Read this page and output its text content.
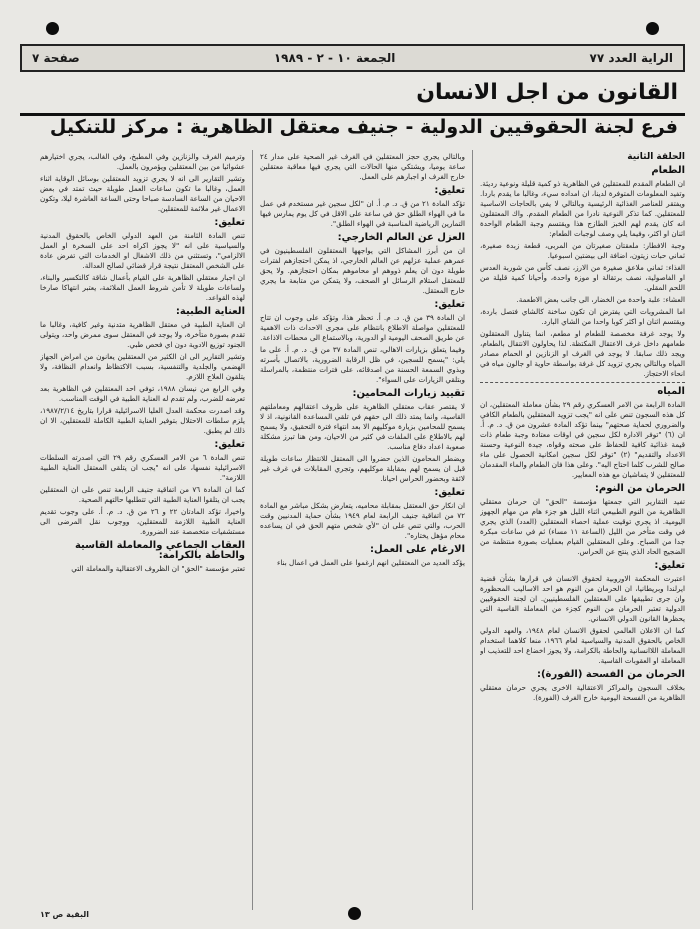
الراية العدد ٧٧
الجمعة ١٠ - ٢ - ١٩٨٩
صفحة ٧
القانون من اجل الانسان
فرع لجنة الحقوقيين الدولية - جنيف معتقل الظاهرية : مركز للتنكيل
الحلقة الثانية
الطعام

ان الطعام المقدم للمعتقلين في الظاهرية ذو كمية قليلة ونوعية رديئة. وتفيد المعلومات المتوفرة لدينا، ان امداده سيء، وغالبا ما يقدم باردا. ويفتقر للعناصر الغذائية الرئيسية وبالتالي لا يفي بالحاجات الاساسية للمعتقلين. كما تذكر النوعية نادرا من الطعام المقدم. واك المعتقلون انه كان يقدم لهم الخبز الطازج هذا ويقتسم وجبة الطعام الواحدة اثنان او اكثر، وفيما يلي وصف لوجبات الطعام:

وجبة الافطار: ملعقتان صغيرتان من المربى، قطعة زبدة صغيرة، ثماني حبات زيتون، اضافة الى بيضتين اسبوعيا.

الغذاء: ثماني ملاعق صغيرة من الارز، نصف كأس من شوربة العدس او الفاصولية، نصف برتقالة او موزة واحدة، وأحيانا كمية قليلة من اللحم المقلي.

العشاء: علبة واحدة من الخضار، الى جانب بعض الاطعمة.

اما المشروبات التي يفترض ان تكون ساخنة كالشاي فتصل باردة، ويقتسم اثنان او اكثر كوبا واحدا من الشاي البارد.

ولا يوجد غرفة مخصصة للطعام او مطعم، انما يتناول المعتقلون طعامهم داخل غرف الاعتقال المكتظة. لذا يحاولون الانتقال بالطعام، ويجد ذلك سابقا. لا يوجد في الغرف او الزنازين او الحمام مصادر المياه وبالتالي يجري تزويد كل غرفة بواسطة حاوية او جالون مياه في انحاء الاحتجاز.

المياه

المادة الرابعة من الامر العسكري رقم ٢٩ بشأن معاملة المعتقلين، ان كل هذه السجون تنص على انه "يجب تزويد المعتقلين بالطعام الكافي والضروري لحماية صحتهم" بينما تؤكد المادة عشرون من ق. د. م. أ. ان (٦) "توفر الادارة لكل سجين في اوقات معتادة وجبة طعام ذات قيمة غذائية كافية للحفاظ على صحته وقواه، جيدة النوعية وحسنة الاعداد والتقديم" (٢) "توفر لكل سجين امكانية الحصول على ماء صالح للشرب كلما احتاج اليه". وعلى هذا فان الطعام والماء المقدمان للمعتقلين لا يتماشيان مع هذه المعايير.

الحرمان من النوم:

تفيد التقارير التي جمعتها مؤسسة "الحق" ان حرمان معتقلي الظاهرية من النوم الطبيعي اثناء الليل هو جزء هام من مهام الجهوز اليومية. اذ يجري توقيت عملية احصاء المعتقلين (العدد) الذي يجري في وقت متأخر من الليل (الساعة ١١ مساء) ثم في ساعات مبكرة جدا من الصباح. وعلى المعتقلين القيام بعمليات بصورة منتظمة من الضجيج الحاد الذي ينتج عن الحراس.

تعليق:

اعتبرت المحكمة الاوروبية لحقوق الانسان في قرارها بشأن قضية ايرلندا وبريطانيا، ان الحرمان من النوم هو احد الاساليب المحظورة وان جرى تطبيقها على المعتقلين الفلسطينيين. ان لجنة الحقوقيين الدولية تعتبر الحرمان من النوم كجزء من المعاملة القاسية التي يحظرها القانون الدولي الانساني.

كما ان الاعلان العالمي لحقوق الانسان لعام ١٩٤٨، والعهد الدولي الخاص بالحقوق المدنية والسياسية لعام ١٩٦٦، منعا كلاهما استخدام المعاملة اللاانسانية والحاطة بالكرامة، ولا يجوز اخضاع احد للتعذيب او المعاملة او العقوبات القاسية.

الحرمان من الفسحة (الفورة):

بخلاف السجون والمراكز الاعتقالية الاخرى يجري حرمان معتقلي الظاهرية من الفسحة اليومية خارج الغرف (الفورة).

وبالتالي يجري حجز المعتقلين في الغرف غير الصحية على مدار ٢٤ ساعة يوميا، ويشتكي منها الحالات التي يجري فيها معاقبة معتقلين خارج الغرف او اجبارهم على العمل.

تعليق:

تؤكد المادة ٢١ من ق. د. م. أ. ان "لكل سجين غير مستخدم في عمل ما في الهواء الطلق حق في ساعة على الاقل في كل يوم يمارس فيها التمارين الرياضية المناسبة في الهواء الطلق".

العزل عن العالم الخارجي:

ان من أبرز المشاكل التي يواجهها المعتقلون الفلسطينيون في عمرهم عملية عزلهم عن العالم الخارجي، اذ يمكن احتجازهم لفترات طويلة دون ان يعلم ذووهم او محاموهم بمكان احتجازهم. ولا يحق للمعتقل استلام الرسائل او الصحف، ولا يتمكن من متابعة ما يجري خارج المعتقل.

تعليق:

ان المادة ٣٩ من ق. د. م. أ. تحظر هذا، وتؤكد على وجوب ان تتاح للمعتقلين مواصلة الاطلاع بانتظام على مجرى الاحداث ذات الاهمية عن طريق الصحف اليومية او الدورية، وبالاستماع الى محطات الاذاعة.

وفيما يتعلق بزيارات الاهالي، تنص المادة ٣٧ من ق. د. م. أ. على ما يلي: "يسمح للسجين، في ظل الرقابة الضرورية، بالاتصال بأسرته وبذوي السمعة الحسنة من اصدقائه، على فترات منتظمة، بالمراسلة وبتلقي الزيارات على السواء".

تقييد زيارات المحامين:

لا يقتصر عقاب معتقلي الظاهرية على ظروف اعتقالهم ومعاملتهم القاسية، وانما يمتد ذلك الى حقهم في تلقي المساعدة القانونية، اذ لا يسمح للمحامين بزيارة موكليهم الا بعد انتهاء فترة التحقيق، ولا يسمح لهم بالاطلاع على الملفات في كثير من الاحيان، ومن هنا تبرز مشكلة صعوبة اعداد دفاع مناسب.

ويضطر المحامون الذين حضروا الى المعتقل للانتظار ساعات طويلة قبل ان يسمح لهم بمقابلة موكليهم، وتجري المقابلات في غرف غير لائقة وبحضور الحراس احيانا.

تعليق:

ان انكار حق المعتقل بمقابلة محاميه، يتعارض بشكل مباشر مع المادة ٧٢ من اتفاقية جنيف الرابعة لعام ١٩٤٩ بشأن حماية المدنيين وقت الحرب، والتي تنص على ان "لأي شخص متهم الحق في ان يساعده محام مؤهل يختاره".

الارغام على العمل:

يؤكد العديد من المعتقلين انهم ارغموا على العمل في اعمال بناء

وترميم الغرف والزنازين وفي المطبخ، وفي الغالب، يجري اختيارهم عشوائيا من بين المعتقلين ويؤمرون بالعمل.

وتشير التقارير الى انه لا يجري تزويد المعتقلين بوسائل الوقاية اثناء العمل، وغالبا ما تكون ساعات العمل طويلة حيث تمتد في بعض الاحيان من الساعة السادسة صباحا وحتى الساعة العاشرة ليلا، وتكون الاعمال غير ملائمة للمعتقلين.

تعليق:

تنص المادة الثامنة من العهد الدولي الخاص بالحقوق المدنية والسياسية على انه "لا يجوز اكراه احد على السخرة او العمل الالزامي"، وتستثني من ذلك الاشغال او الخدمات التي تفرض عادة على الشخص المعتقل نتيجة قرار قضائي لصالح العدالة.

ان اجبار معتقلي الظاهرية على القيام بأعمال شاقة كالتكسير والبناء، ولساعات طويلة لا تأمن شروط العمل الملائمة، يعتبر انتهاكا صارخا لهذه القواعد.

العناية الطبية:

ان العناية الطبية في معتقل الظاهرية متدنية وغير كافية، وغالبا ما تقدم بصورة متأخرة، ولا يوجد في المعتقل سوى ممرض واحد، ويتولى الجنود توزيع الادوية دون اي فحص طبي.

وتشير التقارير الى ان الكثير من المعتقلين يعانون من امراض الجهاز الهضمي والجلدية والتنفسية، بسبب الاكتظاظ وانعدام النظافة، ولا يتلقون العلاج اللازم.

وفي الرابع من نيسان ١٩٨٨، توفي احد المعتقلين في الظاهرية بعد تعرضه للضرب، ولم تقدم له العناية الطبية في الوقت المناسب.

وقد اصدرت محكمة العدل العليا الاسرائيلية قرارا بتاريخ ١٩٨٧/٢/١٤، يلزم سلطات الاحتلال بتوفير العناية الطبية الكاملة للمعتقلين، الا ان ذلك لم يطبق.

تعليق:

تنص المادة ٦ من الامر العسكري رقم ٢٩ التي اصدرته السلطات الاسرائيلية نفسها، على انه "يجب ان يتلقى المعتقل العناية الطبية اللازمة".

كما ان المادة ٧٦ من اتفاقية جنيف الرابعة تنص على ان المعتقلين يجب ان يتلقوا العناية الطبية التي تتطلبها حالتهم الصحية.

واخيرا، تؤكد المادتان ٢٢ و ٢٦ من ق. د. م. أ. على وجوب تقديم العناية الطبية اللازمة للمعتقلين، ووجوب نقل المرضى الى مستشفيات متخصصة عند الضرورة.

العقاب الجماعي والمعاملة القاسية والحاطة بالكرامة:

تعتبر مؤسسة "الحق" ان الظروف الاعتقالية والمعاملة التي

البقية ص ١٣
